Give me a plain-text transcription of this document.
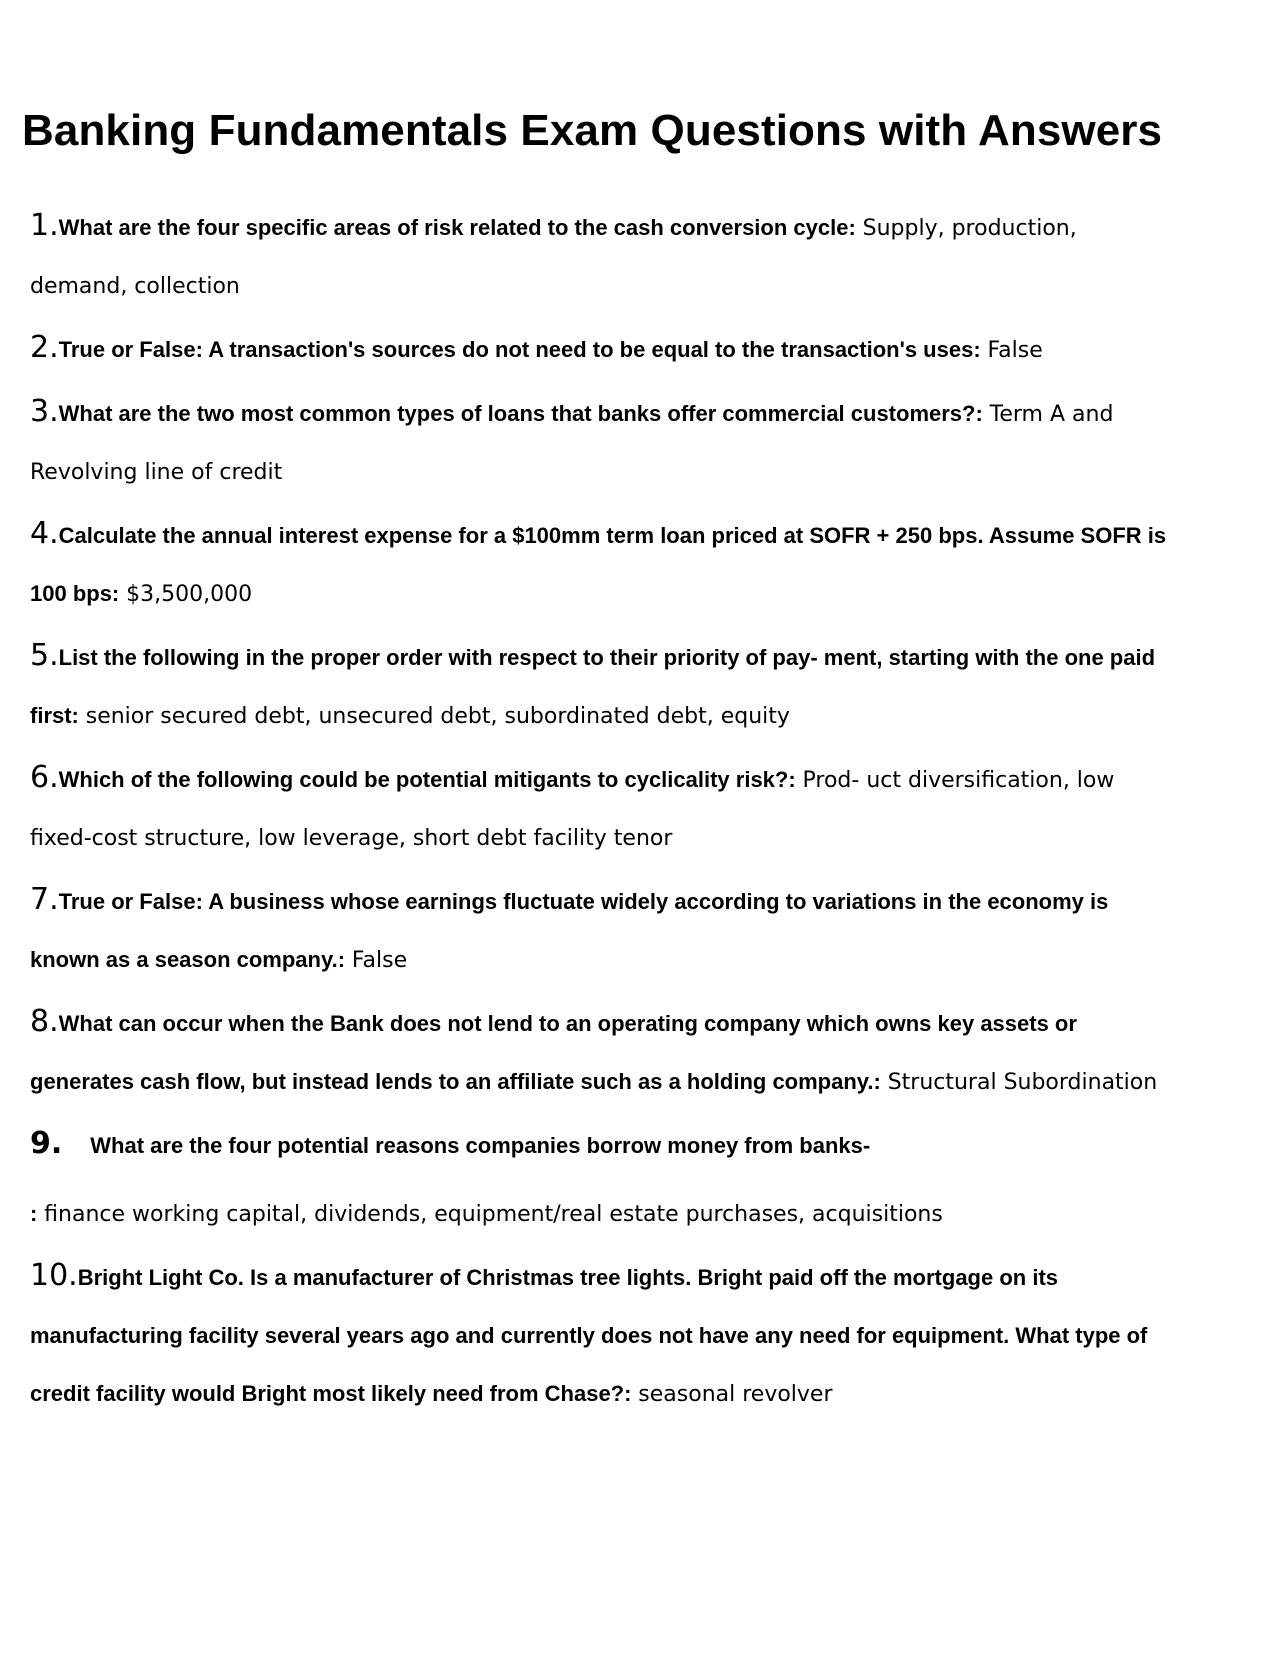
Banking Fundamentals Exam Questions with Answers

1.What are the four specific areas of risk related to the cash conversion cycle: Supply, production, demand, collection

2.True or False: A transaction's sources do not need to be equal to the transaction's uses: False

3.What are the two most common types of loans that banks offer commercial customers?: Term A and Revolving line of credit

4.Calculate the annual interest expense for a $100mm term loan priced at SOFR + 250 bps. Assume SOFR is 100 bps: $3,500,000

5.List the following in the proper order with respect to their priority of pay- ment, starting with the one paid first: senior secured debt, unsecured debt, subordinated debt, equity

6.Which of the following could be potential mitigants to cyclicality risk?: Prod- uct diversification, low fixed-cost structure, low leverage, short debt facility tenor

7.True or False: A business whose earnings fluctuate widely according to variations in the economy is known as a season company.: False

8.What can occur when the Bank does not lend to an operating company which owns key assets or generates cash flow, but instead lends to an affiliate such as a holding company.: Structural Subordination

9. What are the four potential reasons companies borrow money from banks-

: finance working capital, dividends, equipment/real estate purchases, acquisitions

10.Bright Light Co. Is a manufacturer of Christmas tree lights. Bright paid off the mortgage on its manufacturing facility several years ago and currently does not have any need for equipment. What type of credit facility would Bright most likely need from Chase?: seasonal revolver
